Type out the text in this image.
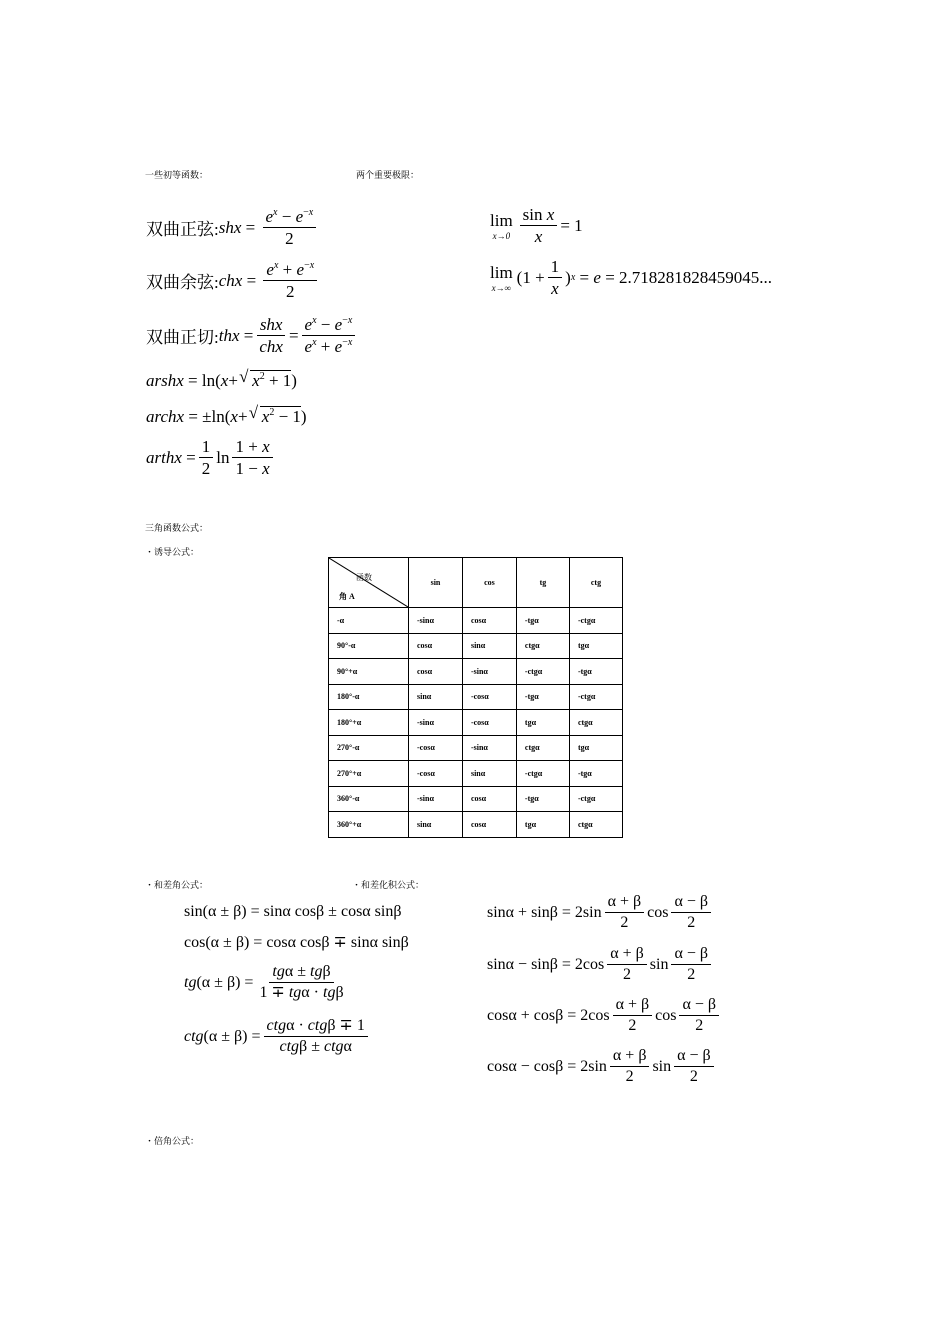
一些初等函数：	两个重要极限：
双曲正弦: shx = $\frac{e^x - e^{-x}}{2}$
双曲余弦: chx = $\frac{e^x + e^{-x}}{2}$
双曲正切: thx = $\frac{\text{shx}}{\text{chx}} = \frac{e^x - e^{-x}}{e^x + e^{-x}}$
arshx = ln( x + √ $x^2 + 1$ )
archx = ±ln( x + √ $x^2 - 1$ )
arthx = $\frac{1}{2}$ $\ln \frac{1 + x}{1 - x}$
lim
$x\to 0 \frac{\text{sin x}}{x} = 1$
lim
x→∞
($1 + \frac{1}{x}$ ) x = e = 2.718281828459045...
三角函数公式：
・诱导公式：
函数
角 A	sin	cos	tg	ctg
-α	-sinα	cosα	-tgα	-ctgα
90°-α	cosα	sinα	ctgα	tgα
90°+α	cosα	-sinα	-ctgα	-tgα
180°-α	sinα	-cosα	-tgα	-ctgα
180°+α	-sinα	-cosα	tgα	ctgα
270°-α	-cosα	-sinα	ctgα	tgα
270°+α	-cosα	sinα	-ctgα	-tgα
360°-α	-sinα	cosα	-tgα	-ctgα
360°+α	sinα	cosα	tgα	ctgα
・和差角公式：	・和差化积公式：
sin(α ± β) = sinα cosβ ± cosα sinβ
cos(α ± β) = cosα cosβ ∓ sinα sinβ
tg $(\alpha \pm \beta) = \frac{\text{tgα ± tgβ}}{\text{1 ∓ tgα · tgβ}}$
ctg $(\alpha \pm \beta) = \frac{\text{ctgα · ctgβ ∓ 1}}{\text{ctgβ ± ctgα}}$
$\sin\alpha + \sin\beta = 2\sin \frac{\alpha + \beta}{2}$ $\cos \frac{\alpha - \beta}{2}$
$\sin\alpha - \sin\beta = 2\cos \frac{\alpha + \beta}{2}$ $\sin \frac{\alpha - \beta}{2}$
$\cos\alpha + \cos\beta = 2\cos \frac{\alpha + \beta}{2}$ $\cos \frac{\alpha - \beta}{2}$
$\cos\alpha - \cos\beta = 2\sin \frac{\alpha + \beta}{2}$ $\sin \frac{\alpha - \beta}{2}$
・倍角公式：
